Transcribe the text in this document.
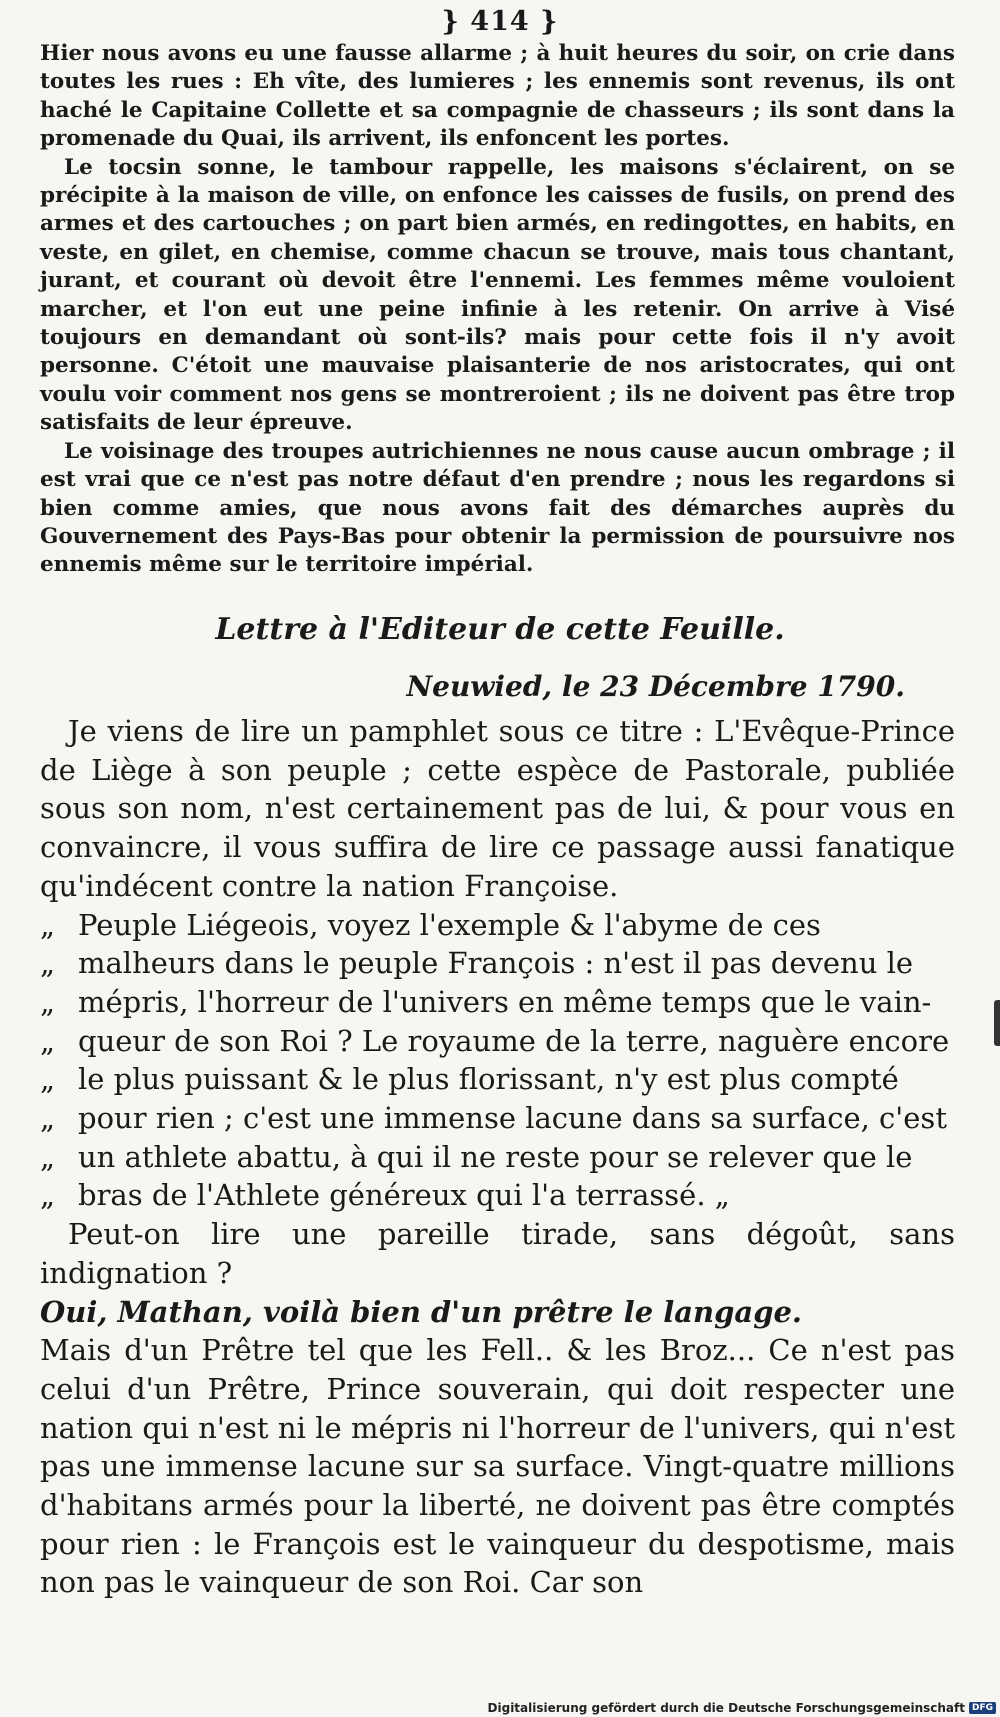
} 414 }

Hier nous avons eu une fausse allarme ; à huit heures du soir, on crie dans toutes les rues : Eh vîte, des lumieres ; les ennemis sont revenus, ils ont haché le Capitaine Collette et sa compagnie de chasseurs ; ils sont dans la promenade du Quai, ils arrivent, ils enfoncent les portes.

Le tocsin sonne, le tambour rappelle, les maisons s'éclairent, on se précipite à la maison de ville, on enfonce les caisses de fusils, on prend des armes et des cartouches ; on part bien armés, en redingottes, en habits, en veste, en gilet, en chemise, comme chacun se trouve, mais tous chantant, jurant, et courant où devoit être l'ennemi. Les femmes même vouloient marcher, et l'on eut une peine infinie à les retenir. On arrive à Visé toujours en demandant où sont-ils? mais pour cette fois il n'y avoit personne. C'étoit une mauvaise plaisanterie de nos aristocrates, qui ont voulu voir comment nos gens se montreroient ; ils ne doivent pas être trop satisfaits de leur épreuve.

Le voisinage des troupes autrichiennes ne nous cause aucun ombrage ; il est vrai que ce n'est pas notre défaut d'en prendre ; nous les regardons si bien comme amies, que nous avons fait des démarches auprès du Gouvernement des Pays-Bas pour obtenir la permission de poursuivre nos ennemis même sur le territoire impérial.

Lettre à l'Editeur de cette Feuille.
Neuwied, le 23 Décembre 1790.

Je viens de lire un pamphlet sous ce titre : L'Evêque-Prince de Liège à son peuple ; cette espèce de Pastorale, publiée sous son nom, n'est certainement pas de lui, & pour vous en convaincre, il vous suffira de lire ce passage aussi fanatique qu'indécent contre la nation Françoise.

„ Peuple Liégeois, voyez l'exemple & l'abyme de ces
„ malheurs dans le peuple François : n'est il pas devenu le
„ mépris, l'horreur de l'univers en même temps que le vain-
„ queur de son Roi ? Le royaume de la terre, naguère encore
„ le plus puissant & le plus florissant, n'y est plus compté
„ pour rien ; c'est une immense lacune dans sa surface, c'est
„ un athlete abattu, à qui il ne reste pour se relever que le
„ bras de l'Athlete généreux qui l'a terrassé. „

Peut-on lire une pareille tirade, sans dégoût, sans indignation ?

Oui, Mathan, voilà bien d'un prêtre le langage.

Mais d'un Prêtre tel que les Fell.. & les Broz... Ce n'est pas celui d'un Prêtre, Prince souverain, qui doit respecter une nation qui n'est ni le mépris ni l'horreur de l'univers, qui n'est pas une immense lacune sur sa surface. Vingt-quatre millions d'habitans armés pour la liberté, ne doivent pas être comptés pour rien : le François est le vainqueur du despotisme, mais non pas le vainqueur de son Roi. Car son

Digitalisierung gefördert durch die Deutsche Forschungsgemeinschaft DFG
